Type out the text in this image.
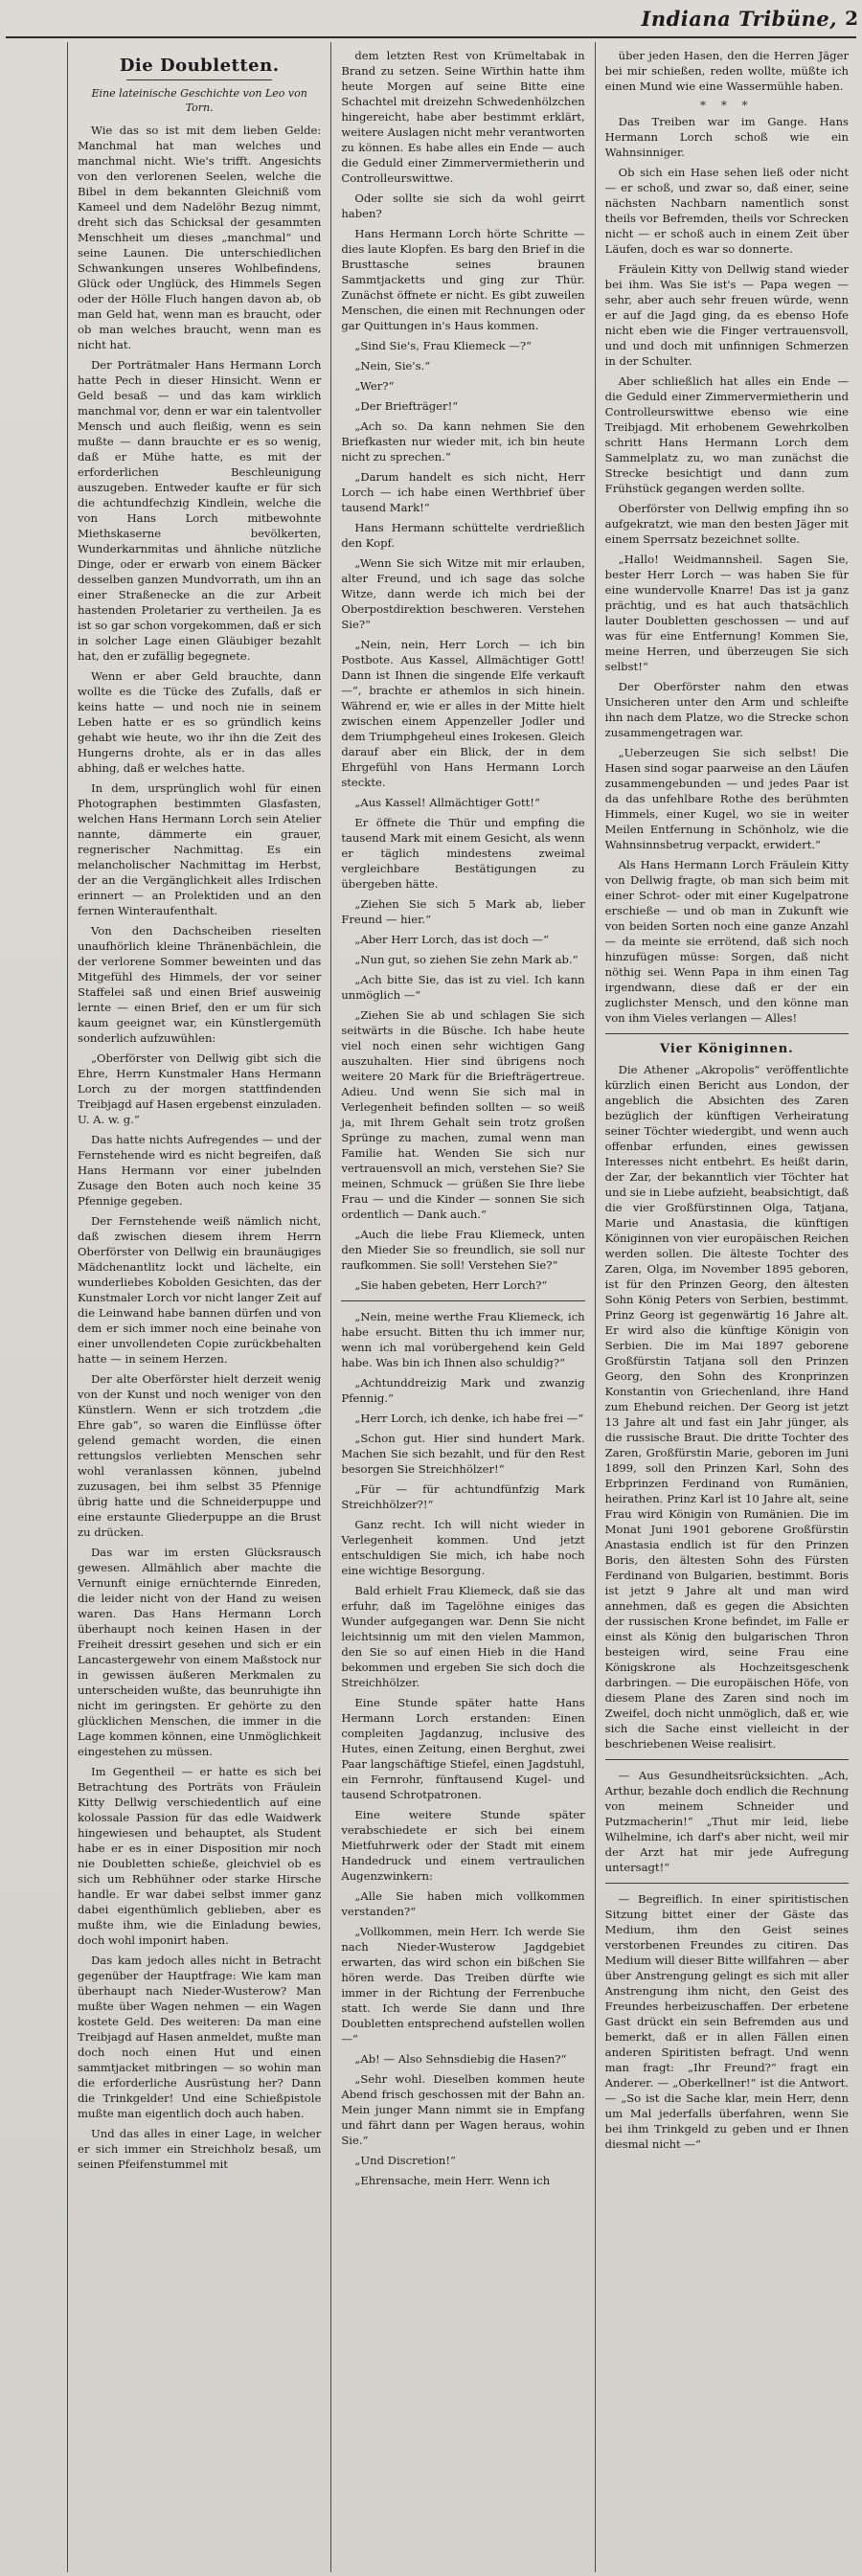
Indiana Tribüne, 2
Die Doubletten.
Eine lateinische Geschichte von Leo von Torn.

Wie das so ist mit dem lieben Gelde: Manchmal hat man welches und manchmal nicht. Wie's trifft. Angesichts von den verlorenen Seelen, welche die Bibel in dem bekannten Gleichniß vom Kameel und dem Nadelöhr Bezug nimmt, dreht sich das Schicksal der gesammten Menschheit um dieses „manchmal“ und seine Launen. Die unterschiedlichen Schwankungen unseres Wohlbefindens, Glück oder Unglück, des Himmels Segen oder der Hölle Fluch hangen davon ab, ob man Geld hat, wenn man es braucht, oder ob man welches braucht, wenn man es nicht hat.

Der Porträtmaler Hans Hermann Lorch hatte Pech in dieser Hinsicht. Wenn er Geld besaß — und das kam wirklich manchmal vor, denn er war ein talentvoller Mensch und auch fleißig, wenn es sein mußte — dann brauchte er es so wenig, daß er Mühe hatte, es mit der erforderlichen Beschleunigung auszugeben. Entweder kaufte er für sich die achtundfechzig Kindlein, welche die von Hans Lorch mitbewohnte Miethskaserne bevölkerten, Wunderkarnmitas und ähnliche nützliche Dinge, oder er erwarb von einem Bäcker desselben ganzen Mundvorrath, um ihn an einer Straßenecke an die zur Arbeit hastenden Proletarier zu vertheilen. Ja es ist so gar schon vorgekommen, daß er sich in solcher Lage einen Gläubiger bezahlt hat, den er zufällig begegnete.

Wenn er aber Geld brauchte, dann wollte es die Tücke des Zufalls, daß er keins hatte — und noch nie in seinem Leben hatte er es so gründlich keins gehabt wie heute, wo ihr ihn die Zeit des Hungerns drohte, als er in das alles abhing, daß er welches hatte.

In dem, ursprünglich wohl für einen Photographen bestimmten Glasfasten, welchen Hans Hermann Lorch sein Atelier nannte, dämmerte ein grauer, regnerischer Nachmittag. Es ein melancholischer Nachmittag im Herbst, der an die Vergänglichkeit alles Irdischen erinnert — an Prolektiden und an den fernen Winteraufenthalt.

Von den Dachscheiben rieselten unaufhörlich kleine Thränenbächlein, die der verlorene Sommer beweinten und das Mitgefühl des Himmels, der vor seiner Staffelei saß und einen Brief ausweinig lernte — einen Brief, den er um für sich kaum geeignet war, ein Künstlergemüth sonderlich aufzuwühlen:

„Oberförster von Dellwig gibt sich die Ehre, Herrn Kunstmaler Hans Hermann Lorch zu der morgen stattfindenden Treibjagd auf Hasen ergebenst einzuladen. U. A. w. g.“

Das hatte nichts Aufregendes — und der Fernstehende wird es nicht begreifen, daß Hans Hermann vor einer jubelnden Zusage den Boten auch noch keine 35 Pfennige gegeben.

Der Fernstehende weiß nämlich nicht, daß zwischen diesem ihrem Herrn Oberförster von Dellwig ein braunäugiges Mädchenantlitz lockt und lächelte, ein wunderliebes Kobolden Gesichten, das der Kunstmaler Lorch vor nicht langer Zeit auf die Leinwand habe bannen dürfen und von dem er sich immer noch eine beinahe von einer unvollendeten Copie zurückbehalten hatte — in seinem Herzen.

Der alte Oberförster hielt derzeit wenig von der Kunst und noch weniger von den Künstlern. Wenn er sich trotzdem „die Ehre gab“, so waren die Einflüsse öfter gelend gemacht worden, die einen rettungslos verliebten Menschen sehr wohl veranlassen können, jubelnd zuzusagen, bei ihm selbst 35 Pfennige übrig hatte und die Schneiderpuppe und eine erstaunte Gliederpuppe an die Brust zu drücken.

Das war im ersten Glücksrausch gewesen. Allmählich aber machte die Vernunft einige ernüchternde Einreden, die leider nicht von der Hand zu weisen waren. Das Hans Hermann Lorch überhaupt noch keinen Hasen in der Freiheit dressirt gesehen und sich er ein Lancastergewehr von einem Maßstock nur in gewissen äußeren Merkmalen zu unterscheiden wußte, das beunruhigte ihn nicht im geringsten. Er gehörte zu den glücklichen Menschen, die immer in die Lage kommen können, eine Unmöglichkeit eingestehen zu müssen.

Im Gegentheil — er hatte es sich bei Betrachtung des Porträts von Fräulein Kitty Dellwig verschiedentlich auf eine kolossale Passion für das edle Waidwerk hingewiesen und behauptet, als Student habe er es in einer Disposition mir noch nie Doubletten schieße, gleichviel ob es sich um Rebhühner oder starke Hirsche handle. Er war dabei selbst immer ganz dabei eigenthümlich geblieben, aber es mußte ihm, wie die Einladung bewies, doch wohl imponirt haben.

Das kam jedoch alles nicht in Betracht gegenüber der Hauptfrage: Wie kam man überhaupt nach Nieder-Wusterow? Man mußte über Wagen nehmen — ein Wagen kostete Geld. Des weiteren: Da man eine Treibjagd auf Hasen anmeldet, mußte man doch noch einen Hut und einen sammtjacket mitbringen — so wohin man die erforderliche Ausrüstung her? Dann die Trinkgelder! Und eine Schießpistole mußte man eigentlich doch auch haben.

Und das alles in einer Lage, in welcher er sich immer ein Streichholz besaß, um seinen Pfeifenstummel mit

dem letzten Rest von Krümeltabak in Brand zu setzen. Seine Wirthin hatte ihm heute Morgen auf seine Bitte eine Schachtel mit dreizehn Schwedenhölzchen hingereicht, habe aber bestimmt erklärt, weitere Auslagen nicht mehr verantworten zu können. Es habe alles ein Ende — auch die Geduld einer Zimmervermietherin und Controlleurswittwe.

Oder sollte sie sich da wohl geirrt haben?

Hans Hermann Lorch hörte Schritte — dies laute Klopfen. Es barg den Brief in die Brusttasche seines braunen Sammtjacketts und ging zur Thür. Zunächst öffnete er nicht. Es gibt zuweilen Menschen, die einen mit Rechnungen oder gar Quittungen in's Haus kommen.

„Sind Sie's, Frau Kliemeck —?“

„Nein, Sie's.“

„Wer?“

„Der Briefträger!“

„Ach so. Da kann nehmen Sie den Briefkasten nur wieder mit, ich bin heute nicht zu sprechen.“

„Darum handelt es sich nicht, Herr Lorch — ich habe einen Werthbrief über tausend Mark!“

Hans Hermann schüttelte verdrießlich den Kopf.

„Wenn Sie sich Witze mit mir erlauben, alter Freund, und ich sage das solche Witze, dann werde ich mich bei der Oberpostdirektion beschweren. Verstehen Sie?“

„Nein, nein, Herr Lorch — ich bin Postbote. Aus Kassel, Allmächtiger Gott! Dann ist Ihnen die singende Elfe verkauft —“, brachte er athemlos in sich hinein. Während er, wie er alles in der Mitte hielt zwischen einem Appenzeller Jodler und dem Triumphgeheul eines Irokesen. Gleich darauf aber ein Blick, der in dem Ehrgefühl von Hans Hermann Lorch steckte.

„Aus Kassel! Allmächtiger Gott!“

Er öffnete die Thür und empfing die tausend Mark mit einem Gesicht, als wenn er täglich mindestens zweimal vergleichbare Bestätigungen zu übergeben hätte.

„Ziehen Sie sich 5 Mark ab, lieber Freund — hier.“

„Aber Herr Lorch, das ist doch —“

„Nun gut, so ziehen Sie zehn Mark ab.“

„Ach bitte Sie, das ist zu viel. Ich kann unmöglich —“

„Ziehen Sie ab und schlagen Sie sich seitwärts in die Büsche. Ich habe heute viel noch einen sehr wichtigen Gang auszuhalten. Hier sind übrigens noch weitere 20 Mark für die Briefträgertreue. Adieu. Und wenn Sie sich mal in Verlegenheit befinden sollten — so weiß ja, mit Ihrem Gehalt sein trotz großen Sprünge zu machen, zumal wenn man Familie hat. Wenden Sie sich nur vertrauensvoll an mich, verstehen Sie? Sie meinen, Schmuck — grüßen Sie Ihre liebe Frau — und die Kinder — sonnen Sie sich ordentlich — Dank auch.“

„Auch die liebe Frau Kliemeck, unten den Mieder Sie so freundlich, sie soll nur raufkommen. Sie soll! Verstehen Sie?“

„Sie haben gebeten, Herr Lorch?“

„Nein, meine werthe Frau Kliemeck, ich habe ersucht. Bitten thu ich immer nur, wenn ich mal vorübergehend kein Geld habe. Was bin ich Ihnen also schuldig?“

„Achtunddreizig Mark und zwanzig Pfennig.“

„Herr Lorch, ich denke, ich habe frei —“

„Schon gut. Hier sind hundert Mark. Machen Sie sich bezahlt, und für den Rest besorgen Sie Streichhölzer!“

„Für — für achtundfünfzig Mark Streichhölzer?!“

Ganz recht. Ich will nicht wieder in Verlegenheit kommen. Und jetzt entschuldigen Sie mich, ich habe noch eine wichtige Besorgung.

Bald erhielt Frau Kliemeck, daß sie das erfuhr, daß im Tagelöhne einiges das Wunder aufgegangen war. Denn Sie nicht leichtsinnig um mit den vielen Mammon, den Sie so auf einen Hieb in die Hand bekommen und ergeben Sie sich doch die Streichhölzer.

Eine Stunde später hatte Hans Hermann Lorch erstanden: Einen compleiten Jagdanzug, inclusive des Hutes, einen Zeitung, einen Berghut, zwei Paar langschäftige Stiefel, einen Jagdstuhl, ein Fernrohr, fünftausend Kugel- und tausend Schrotpatronen.

Eine weitere Stunde später verabschiedete er sich bei einem Mietfuhrwerk oder der Stadt mit einem Handedruck und einem vertraulichen Augenzwinkern:

„Alle Sie haben mich vollkommen verstanden?“

„Vollkommen, mein Herr. Ich werde Sie nach Nieder-Wusterow Jagdgebiet erwarten, das wird schon ein bißchen Sie hören werde. Das Treiben dürfte wie immer in der Richtung der Ferrenbuche statt. Ich werde Sie dann und Ihre Doubletten entsprechend aufstellen wollen —“

„Ab! — Also Sehnsdiebig die Hasen?“

„Sehr wohl. Dieselben kommen heute Abend frisch geschossen mit der Bahn an. Mein junger Mann nimmt sie in Empfang und fährt dann per Wagen heraus, wohin Sie.“

„Und Discretion!“

„Ehrensache, mein Herr. Wenn ich

über jeden Hasen, den die Herren Jäger bei mir schießen, reden wollte, müßte ich einen Mund wie eine Wassermühle haben.

* * *

Das Treiben war im Gange. Hans Hermann Lorch schoß wie ein Wahnsinniger.

Ob sich ein Hase sehen ließ oder nicht — er schoß, und zwar so, daß einer, seine nächsten Nachbarn namentlich sonst theils vor Befremden, theils vor Schrecken nicht — er schoß auch in einem Zeit über Läufen, doch es war so donnerte.

Fräulein Kitty von Dellwig stand wieder bei ihm. Was Sie ist's — Papa wegen — sehr, aber auch sehr freuen würde, wenn er auf die Jagd ging, da es ebenso Hofe nicht eben wie die Finger vertrauensvoll, und und doch mit unfinnigen Schmerzen in der Schulter.

Aber schließlich hat alles ein Ende — die Geduld einer Zimmervermietherin und Controlleurswittwe ebenso wie eine Treibjagd. Mit erhobenem Gewehrkolben schritt Hans Hermann Lorch dem Sammelplatz zu, wo man zunächst die Strecke besichtigt und dann zum Frühstück gegangen werden sollte.

Oberförster von Dellwig empfing ihn so aufgekratzt, wie man den besten Jäger mit einem Sperrsatz bezeichnet sollte.

„Hallo! Weidmannsheil. Sagen Sie, bester Herr Lorch — was haben Sie für eine wundervolle Knarre! Das ist ja ganz prächtig, und es hat auch thatsächlich lauter Doubletten geschossen — und auf was für eine Entfernung! Kommen Sie, meine Herren, und überzeugen Sie sich selbst!“

Der Oberförster nahm den etwas Unsicheren unter den Arm und schleifte ihn nach dem Platze, wo die Strecke schon zusammengetragen war.

„Ueberzeugen Sie sich selbst! Die Hasen sind sogar paarweise an den Läufen zusammengebunden — und jedes Paar ist da das unfehlbare Rothe des berühmten Himmels, einer Kugel, wo sie in weiter Meilen Entfernung in Schönholz, wie die Wahnsinnsbetrug verpackt, erwidert.“

Als Hans Hermann Lorch Fräulein Kitty von Dellwig fragte, ob man sich beim mit einer Schrot- oder mit einer Kugelpatrone erschieße — und ob man in Zukunft wie von beiden Sorten noch eine ganze Anzahl — da meinte sie errötend, daß sich noch hinzufügen müsse: Sorgen, daß nicht nöthig sei. Wenn Papa in ihm einen Tag irgendwann, diese daß er der ein zuglichster Mensch, und den könne man von ihm Vieles verlangen — Alles!

Vier Königinnen.

Die Athener „Akropolis“ veröffentlichte kürzlich einen Bericht aus London, der angeblich die Absichten des Zaren bezüglich der künftigen Verheiratung seiner Töchter wiedergibt, und wenn auch offenbar erfunden, eines gewissen Interesses nicht entbehrt. Es heißt darin, der Zar, der bekanntlich vier Töchter hat und sie in Liebe aufzieht, beabsichtigt, daß die vier Großfürstinnen Olga, Tatjana, Marie und Anastasia, die künftigen Königinnen von vier europäischen Reichen werden sollen. Die älteste Tochter des Zaren, Olga, im November 1895 geboren, ist für den Prinzen Georg, den ältesten Sohn König Peters von Serbien, bestimmt. Prinz Georg ist gegenwärtig 16 Jahre alt. Er wird also die künftige Königin von Serbien. Die im Mai 1897 geborene Großfürstin Tatjana soll den Prinzen Georg, den Sohn des Kronprinzen Konstantin von Griechenland, ihre Hand zum Ehebund reichen. Der Georg ist jetzt 13 Jahre alt und fast ein Jahr jünger, als die russische Braut. Die dritte Tochter des Zaren, Großfürstin Marie, geboren im Juni 1899, soll den Prinzen Karl, Sohn des Erbprinzen Ferdinand von Rumänien, heirathen. Prinz Karl ist 10 Jahre alt, seine Frau wird Königin von Rumänien. Die im Monat Juni 1901 geborene Großfürstin Anastasia endlich ist für den Prinzen Boris, den ältesten Sohn des Fürsten Ferdinand von Bulgarien, bestimmt. Boris ist jetzt 9 Jahre alt und man wird annehmen, daß es gegen die Absichten der russischen Krone befindet, im Falle er einst als König den bulgarischen Thron besteigen wird, seine Frau eine Königskrone als Hochzeitsgeschenk darbringen. — Die europäischen Höfe, von diesem Plane des Zaren sind noch im Zweifel, doch nicht unmöglich, daß er, wie sich die Sache einst vielleicht in der beschriebenen Weise realisirt.

— Aus Gesundheitsrücksichten. „Ach, Arthur, bezahle doch endlich die Rechnung von meinem Schneider und Putzmacherin!“ „Thut mir leid, liebe Wilhelmine, ich darf's aber nicht, weil mir der Arzt hat mir jede Aufregung untersagt!“

— Begreiflich. In einer spiritistischen Sitzung bittet einer der Gäste das Medium, ihm den Geist seines verstorbenen Freundes zu citiren. Das Medium will dieser Bitte willfahren — aber über Anstrengung gelingt es sich mit aller Anstrengung ihm nicht, den Geist des Freundes herbeizuschaffen. Der erbetene Gast drückt ein sein Befremden aus und bemerkt, daß er in allen Fällen einen anderen Spiritisten befragt. Und wenn man fragt: „Ihr Freund?“ fragt ein Anderer. — „Oberkellner!“ ist die Antwort. — „So ist die Sache klar, mein Herr, denn um Mal jederfalls überfahren, wenn Sie bei ihm Trinkgeld zu geben und er Ihnen diesmal nicht —“
